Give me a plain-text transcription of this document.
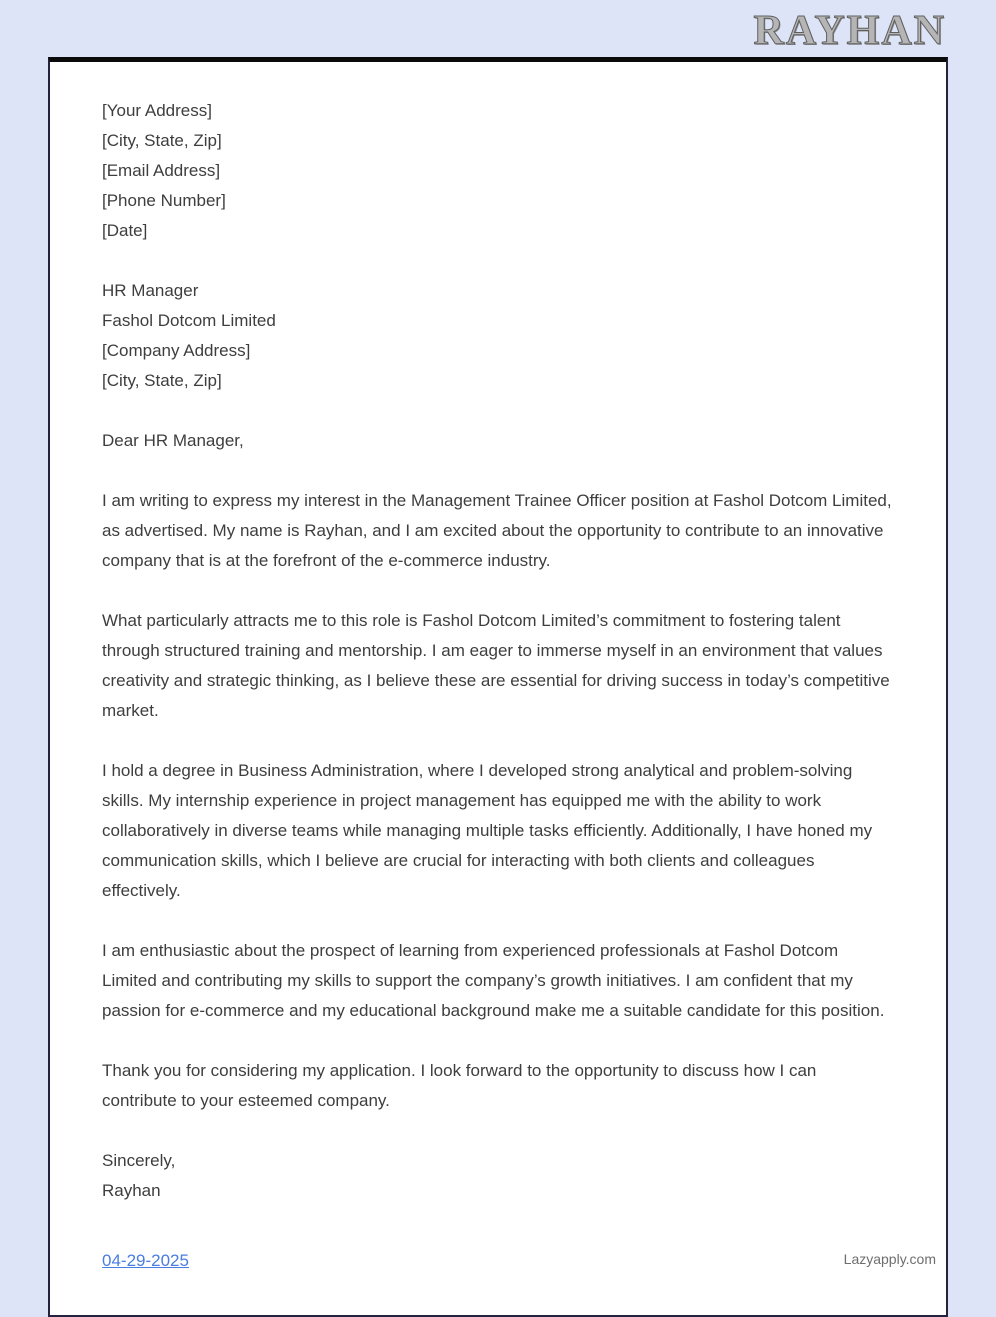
RAYHAN
[Your Address]
[City, State, Zip]
[Email Address]
[Phone Number]
[Date]
HR Manager
Fashol Dotcom Limited
[Company Address]
[City, State, Zip]
Dear HR Manager,

I am writing to express my interest in the Management Trainee Officer position at Fashol Dotcom Limited, as advertised. My name is Rayhan, and I am excited about the opportunity to contribute to an innovative company that is at the forefront of the e-commerce industry.

What particularly attracts me to this role is Fashol Dotcom Limited’s commitment to fostering talent through structured training and mentorship. I am eager to immerse myself in an environment that values creativity and strategic thinking, as I believe these are essential for driving success in today’s competitive market.

I hold a degree in Business Administration, where I developed strong analytical and problem-solving skills. My internship experience in project management has equipped me with the ability to work collaboratively in diverse teams while managing multiple tasks efficiently. Additionally, I have honed my communication skills, which I believe are crucial for interacting with both clients and colleagues effectively.

I am enthusiastic about the prospect of learning from experienced professionals at Fashol Dotcom Limited and contributing my skills to support the company’s growth initiatives. I am confident that my passion for e-commerce and my educational background make me a suitable candidate for this position.

Thank you for considering my application. I look forward to the opportunity to discuss how I can contribute to your esteemed company.

Sincerely,
Rayhan
04-29-2025	Lazyapply.com
